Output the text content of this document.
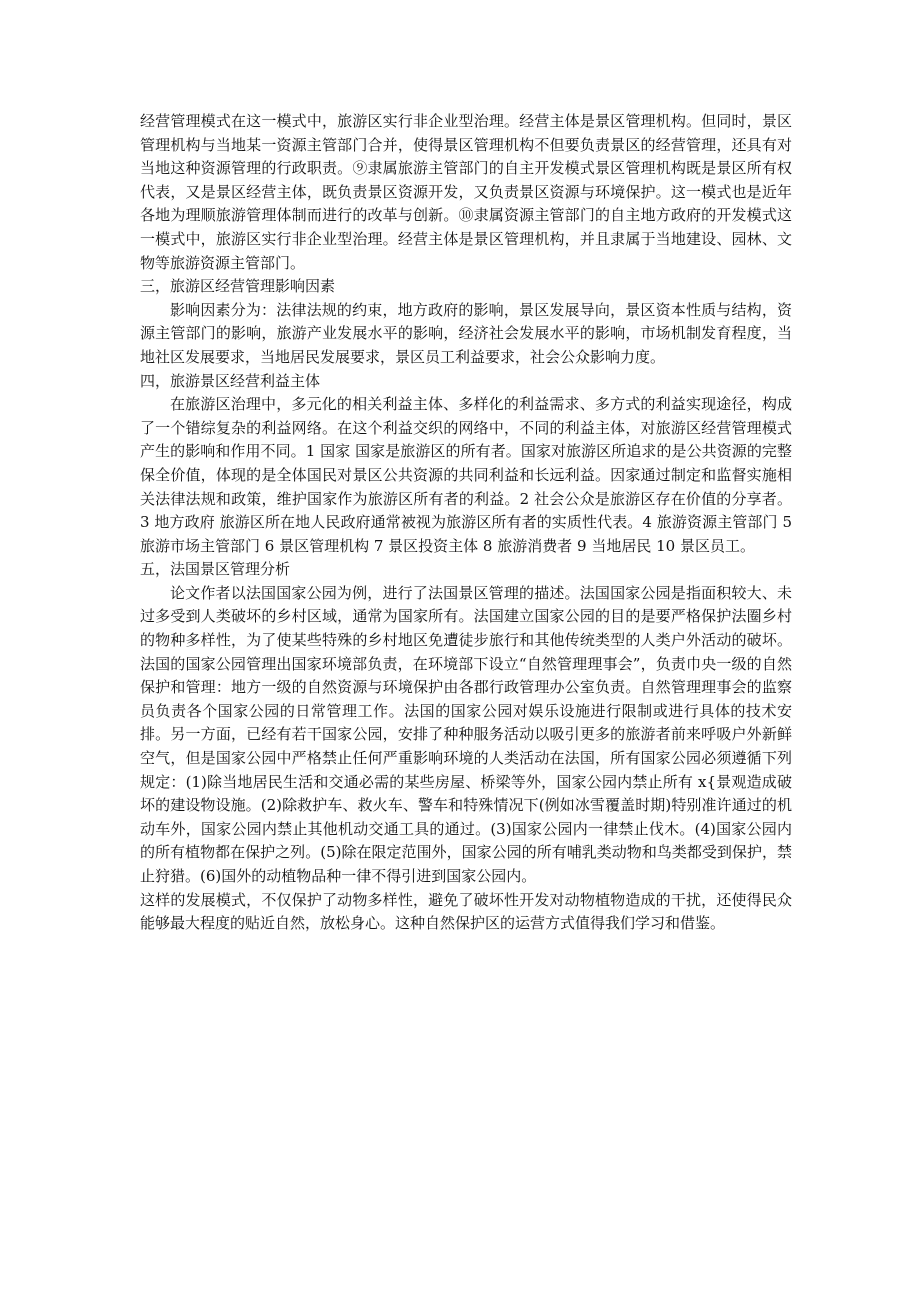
经营管理模式在这一模式中，旅游区实行非企业型治理。经营主体是景区管理机构。但同时，景区管理机构与当地某一资源主管部门合并，使得景区管理机构不但要负责景区的经营管理，还具有对当地这种资源管理的行政职责。⑨隶属旅游主管部门的自主开发模式景区管理机构既是景区所有权代表，又是景区经营主体，既负责景区资源开发，又负责景区资源与环境保护。这一模式也是近年各地为理顺旅游管理体制而进行的改革与创新。⑩隶属资源主管部门的自主地方政府的开发模式这一模式中，旅游区实行非企业型治理。经营主体是景区管理机构，并且隶属于当地建设、园林、文物等旅游资源主管部门。

三，旅游区经营管理影响因素

影响因素分为：法律法规的约束，地方政府的影响，景区发展导向，景区资本性质与结构，资源主管部门的影响，旅游产业发展水平的影响，经济社会发展水平的影响，市场机制发育程度，当地社区发展要求，当地居民发展要求，景区员工利益要求，社会公众影响力度。

四，旅游景区经营利益主体

在旅游区治理中，多元化的相关利益主体、多样化的利益需求、多方式的利益实现途径，构成了一个错综复杂的利益网络。在这个利益交织的网络中，不同的利益主体，对旅游区经营管理模式产生的影响和作用不同。1 国家 国家是旅游区的所有者。国家对旅游区所追求的是公共资源的完整保全价值，体现的是全体国民对景区公共资源的共同利益和长远利益。因家通过制定和监督实施相关法律法规和政策，维护国家作为旅游区所有者的利益。2 社会公众是旅游区存在价值的分享者。3 地方政府 旅游区所在地人民政府通常被视为旅游区所有者的实质性代表。4 旅游资源主管部门 5 旅游市场主管部门 6 景区管理机构 7 景区投资主体 8 旅游消费者 9 当地居民 10 景区员工。

五，法国景区管理分析

论文作者以法国国家公园为例，进行了法国景区管理的描述。法国国家公园是指面积较大、未过多受到人类破坏的乡村区域，通常为国家所有。法国建立国家公园的目的是要严格保护法圈乡村的物种多样性，为了使某些特殊的乡村地区免遭徒步旅行和其他传统类型的人类户外活动的破坏。法国的国家公园管理出国家环境部负责，在环境部下设立“自然管理理事会”，负责巾央一级的自然保护和管理：地方一级的自然资源与环境保护由各郡行政管理办公室负责。自然管理理事会的监察员负责各个国家公园的日常管理工作。法国的国家公园对娱乐设施进行限制或进行具体的技术安排。另一方面，已经有若干国家公园，安排了种种服务活动以吸引更多的旅游者前来呼吸户外新鲜空气，但是国家公园中严格禁止任何严重影响环境的人类活动在法国，所有国家公园必须遵循下列规定：(1)除当地居民生活和交通必需的某些房屋、桥梁等外，国家公园内禁止所有 x{景观造成破坏的建设物设施。(2)除救护车、救火车、警车和特殊情况下(例如冰雪覆盖时期)特别准许通过的机动车外，国家公园内禁止其他机动交通工具的通过。(3)国家公园内一律禁止伐木。(4)国家公园内的所有植物都在保护之列。(5)除在限定范围外，国家公园的所有哺乳类动物和鸟类都受到保护，禁止狩猎。(6)国外的动植物品种一律不得引进到国家公园内。

这样的发展模式，不仅保护了动物多样性，避免了破坏性开发对动物植物造成的干扰，还使得民众能够最大程度的贴近自然，放松身心。这种自然保护区的运营方式值得我们学习和借鉴。
